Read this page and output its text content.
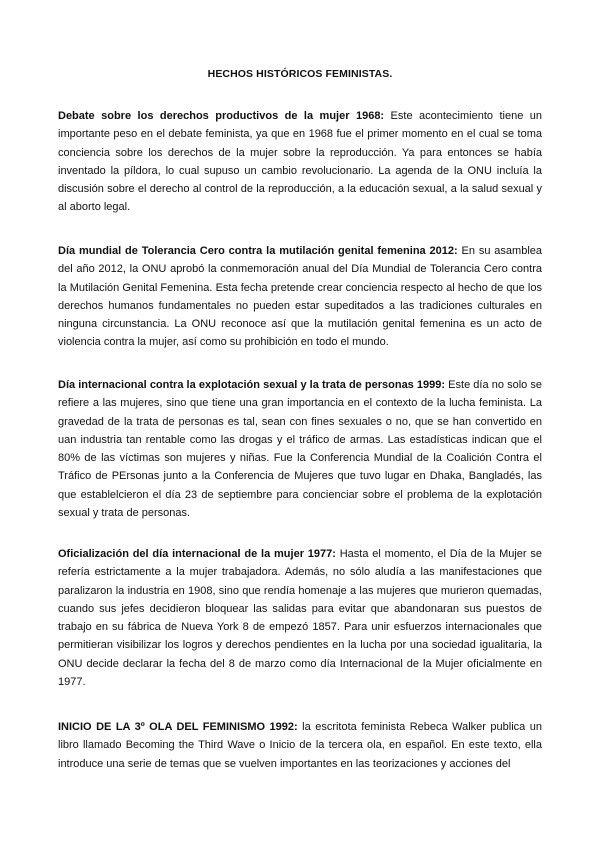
HECHOS HISTÓRICOS FEMINISTAS.

Debate sobre los derechos productivos de la mujer 1968: Este acontecimiento tiene un importante peso en el debate feminista, ya que en 1968 fue el primer momento en el cual se toma conciencia sobre los derechos de la mujer sobre la reproducción. Ya para entonces se había inventado la píldora, lo cual supuso un cambio revolucionario. La agenda de la ONU incluía la discusión sobre el derecho al control de la reproducción, a la educación sexual, a la salud sexual y al aborto legal.

Día mundial de Tolerancia Cero contra la mutilación genital femenina 2012: En su asamblea del año 2012, la ONU aprobó la conmemoración anual del Día Mundial de Tolerancia Cero contra la Mutilación Genital Femenina. Esta fecha pretende crear conciencia respecto al hecho de que los derechos humanos fundamentales no pueden estar supeditados a las tradiciones culturales en ninguna circunstancia. La ONU reconoce así que la mutilación genital femenina es un acto de violencia contra la mujer, así como su prohibición en todo el mundo.

Día internacional contra la explotación sexual y la trata de personas 1999: Este día no solo se refiere a las mujeres, sino que tiene una gran importancia en el contexto de la lucha feminista. La gravedad de la trata de personas es tal, sean con fines sexuales o no, que se han convertido en uan industria tan rentable como las drogas y el tráfico de armas. Las estadísticas indican que el 80% de las víctimas son mujeres y niñas. Fue la Conferencia Mundial de la Coalición Contra el Tráfico de PErsonas junto a la Conferencia de Mujeres que tuvo lugar en Dhaka, Bangladés, las que establelcieron el día 23 de septiembre para concienciar sobre el problema de la explotación sexual y trata de personas.

Oficialización del día internacional de la mujer 1977: Hasta el momento, el Día de la Mujer se refería estrictamente a la mujer trabajadora. Además, no sólo aludía a las manifestaciones que paralizaron la industria en 1908, sino que rendía homenaje a las mujeres que murieron quemadas, cuando sus jefes decidieron bloquear las salidas para evitar que abandonaran sus puestos de trabajo en su fábrica de Nueva York 8 de empezó 1857. Para unir esfuerzos internacionales que permitieran visibilizar los logros y derechos pendientes en la lucha por una sociedad igualitaria, la ONU decide declarar la fecha del 8 de marzo como día Internacional de la Mujer oficialmente en 1977.

INICIO DE LA 3º OLA DEL FEMINISMO 1992: la escritota feminista Rebeca Walker publica un libro llamado Becoming the Third Wave o Inicio de la tercera ola, en español. En este texto, ella introduce una serie de temas que se vuelven importantes en las teorizaciones y acciones del
